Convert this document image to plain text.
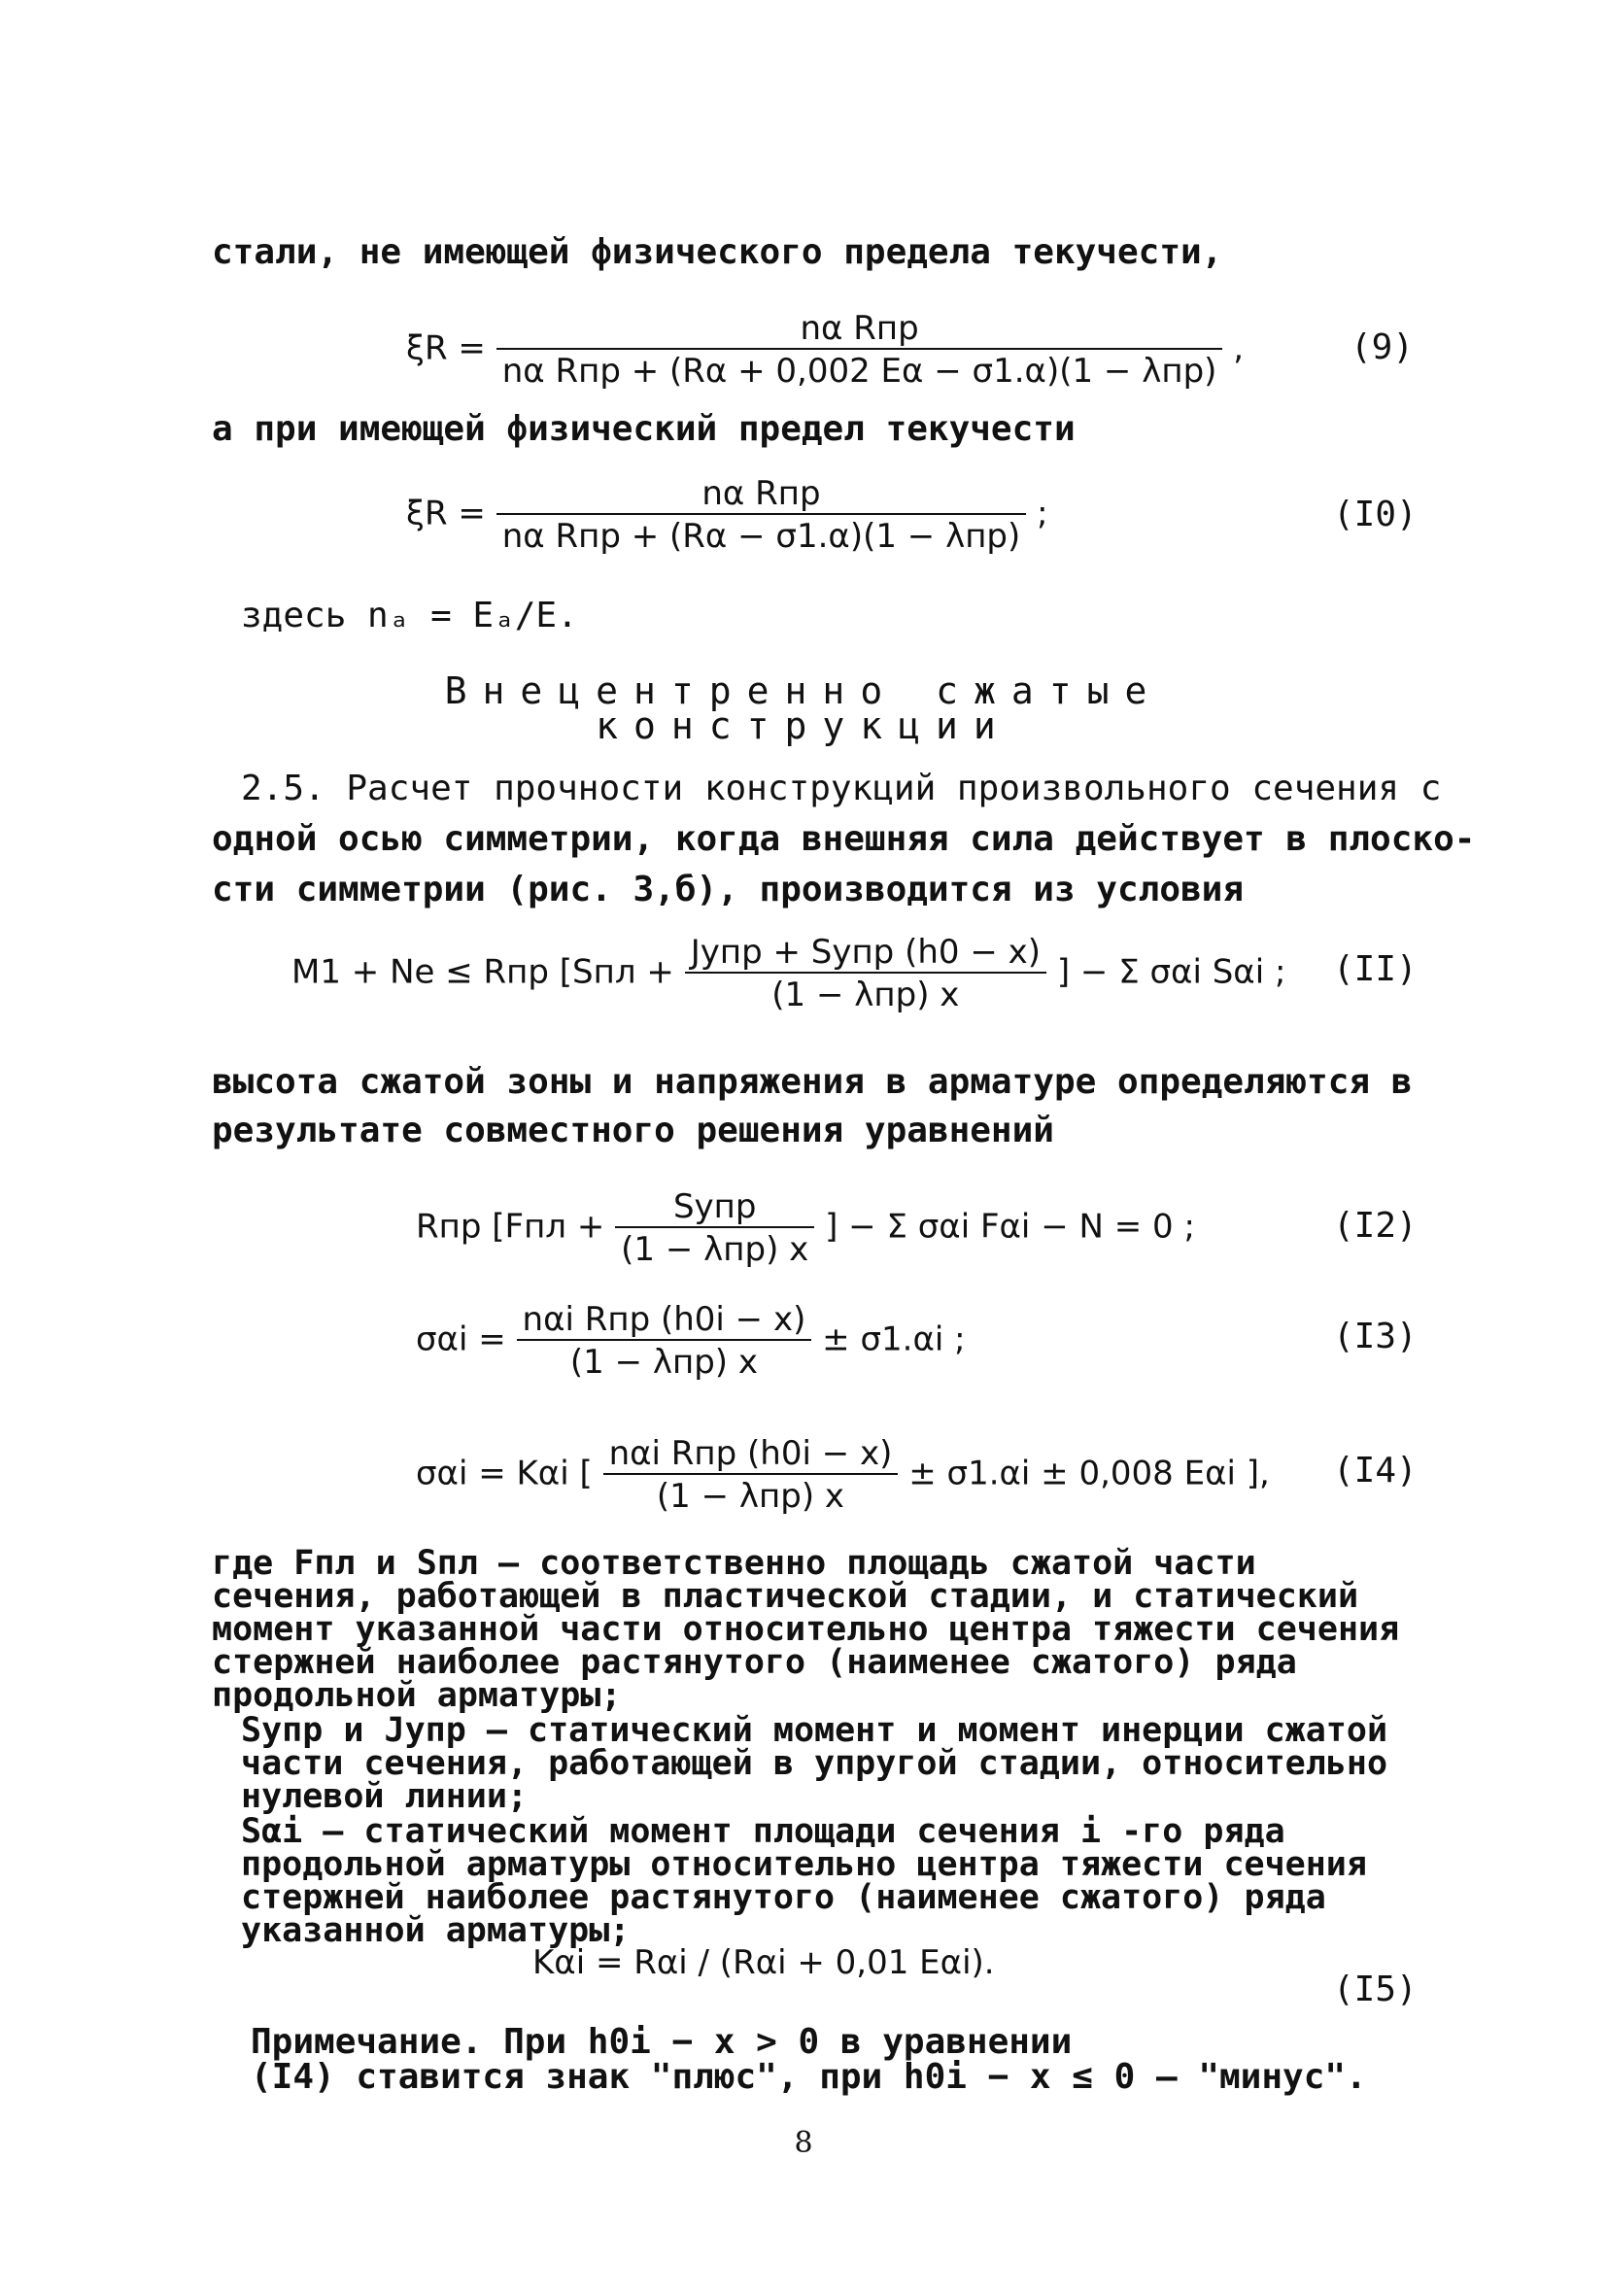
стали, не имеющей физического предела текучести,
$\xi R = \frac{\text{nα Rпр}}{\text{nα Rпр + (Rα + 0,002 Eα − σ1.α)(1 − λпр)}}$ ,	(9)
а при имеющей физический предел текучести
$\xi R = \frac{\text{nα Rпр}}{\text{nα Rпр + (Rα − σ1.α)(1 − λпр)}}$ ;	(I0)
здесь nₐ = Eₐ/E.
Внецентренно сжатые
конструкции
2.5. Расчет прочности конструкций произвольного сечения с
одной осью симметрии, когда внешняя сила действует в плоско-
сти симметрии (рис. 3,б), производится из условия
M1 + Ne ≤ Rпр [$Sпл + \frac{\text{Jупр + Sупр (h0 − x)}}{\text{(1 − λпр) x}}$ ] − Σ σαi Sαi ; (II)
высота сжатой зоны и напряжения в арматуре определяются в
результате совместного решения уравнений
Rпр [$Fпл + \frac{\text{Sупр}}{\text{(1 − λпр) x}}$ ] − Σ σαi Fαi − N = 0 ;	(I2)
$\sigma\alpha i = \frac{\text{nαi Rпр (h0i − x)}}{\text{(1 − λпр) x}} \pm \sigma 1.\alpha i$ ;	(I3)
σαi = Kαi [ $\frac{\text{nαi Rпр (h0i − x)}}{\text{(1 − λпр) x}} \pm \sigma 1.\alpha i \pm 0,008$ Eαi ], (I4)
где Fпл и Sпл – соответственно площадь сжатой части сечения, работающей в пластической стадии, и статический момент указанной части относительно центра тяжести сечения стержней наиболее растянутого (наименее сжатого) ряда продольной арматуры;
Sупр и Jупр – статический момент и момент инерции сжатой части сечения, работающей в упругой стадии, относительно нулевой линии;
Sαi – статический момент площади сечения i -го ряда продольной арматуры относительно центра тяжести сечения стержней наиболее растянутого (наименее сжатого) ряда указанной арматуры;
Kαi = Rαi / (Rαi + 0,01 Eαi).
(I5)
Примечание. При h0i − x > 0 в уравнении
(I4) ставится знак "плюс", при h0i − x ≤ 0 – "минус".
8
